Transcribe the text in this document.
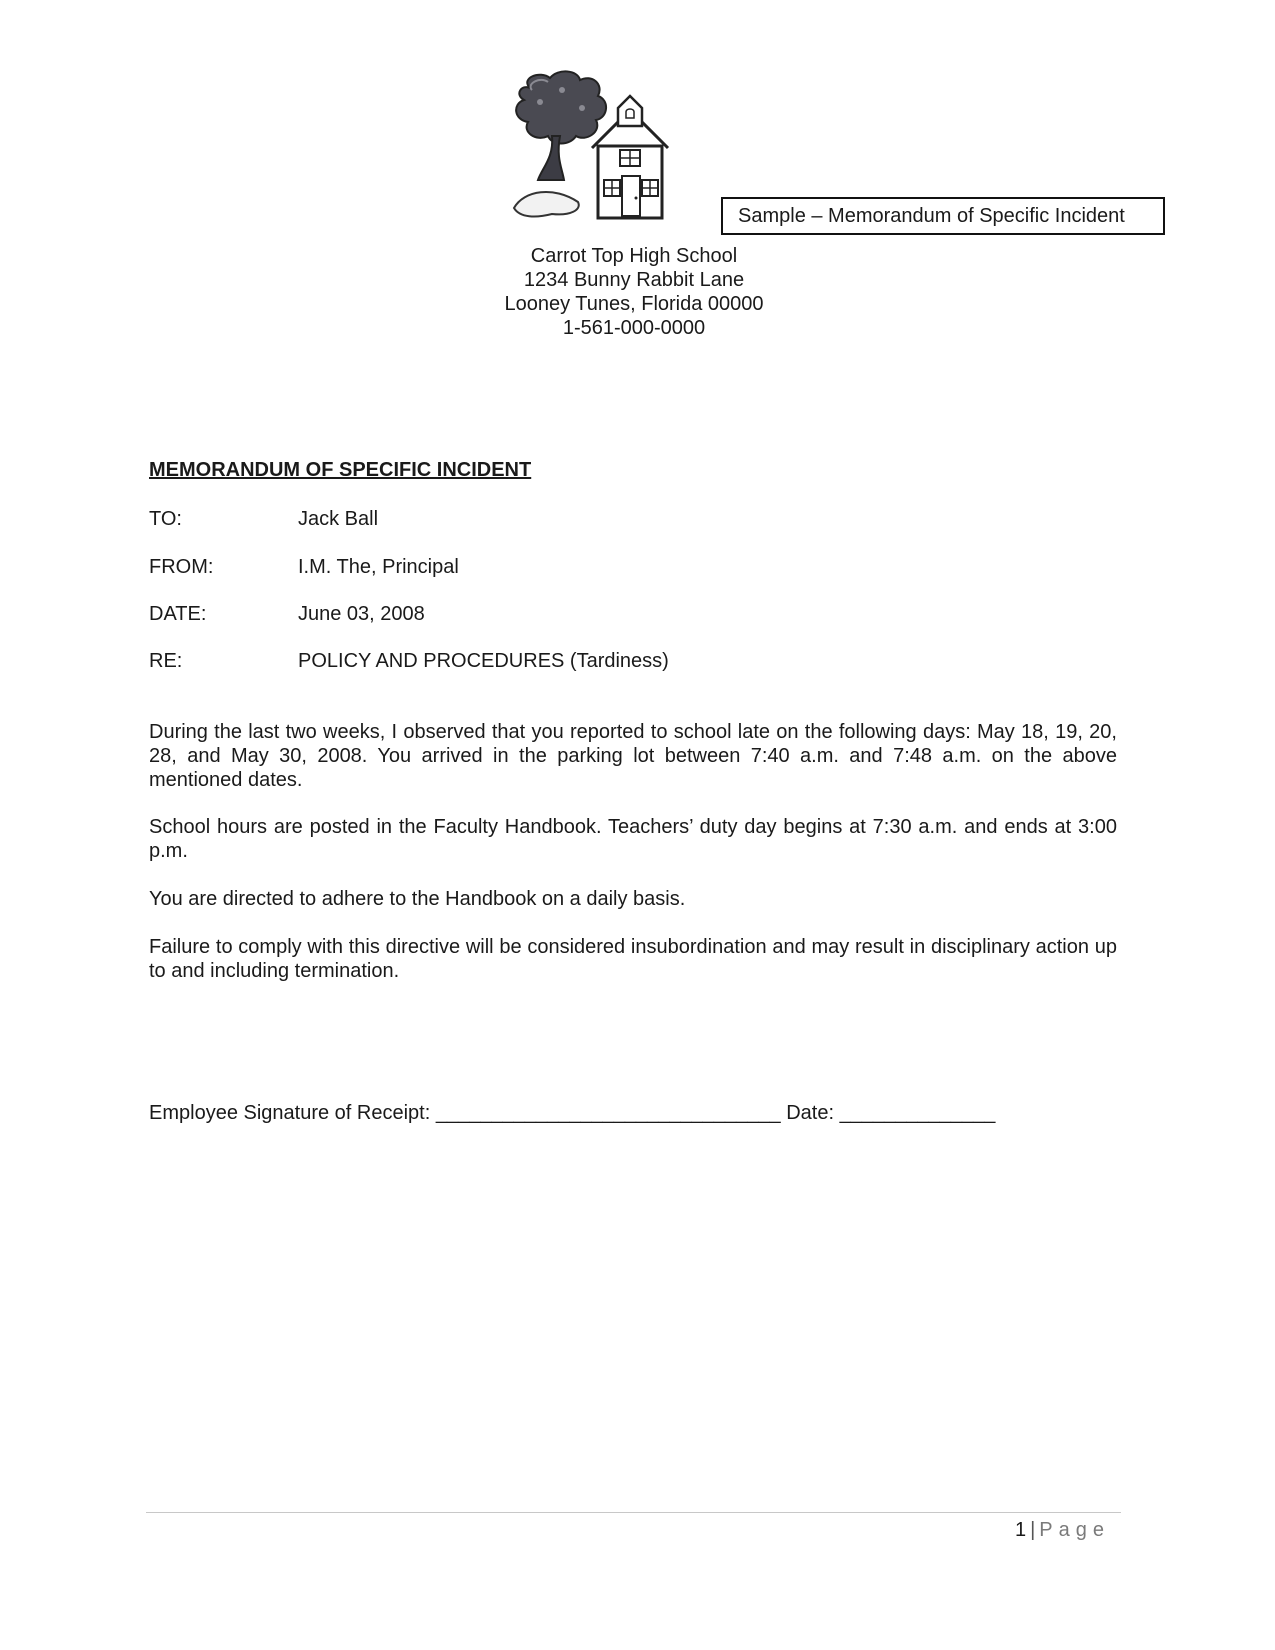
Sample – Memorandum of Specific Incident
Carrot Top High School
1234 Bunny Rabbit Lane
Looney Tunes, Florida 00000
1-561-000-0000
MEMORANDUM OF SPECIFIC INCIDENT
TO:	Jack Ball
FROM:	I.M. The, Principal
DATE:	June 03, 2008
RE:	POLICY AND PROCEDURES (Tardiness)

During the last two weeks, I observed that you reported to school late on the following days: May 18, 19, 20, 28, and May 30, 2008. You arrived in the parking lot between 7:40 a.m. and 7:48 a.m. on the above mentioned dates.

School hours are posted in the Faculty Handbook. Teachers’ duty day begins at 7:30 a.m. and ends at 3:00 p.m.

You are directed to adhere to the Handbook on a daily basis.

Failure to comply with this directive will be considered insubordination and may result in disciplinary action up to and including termination.

Employee Signature of Receipt: _______________________________ Date: ______________
1 | Page
